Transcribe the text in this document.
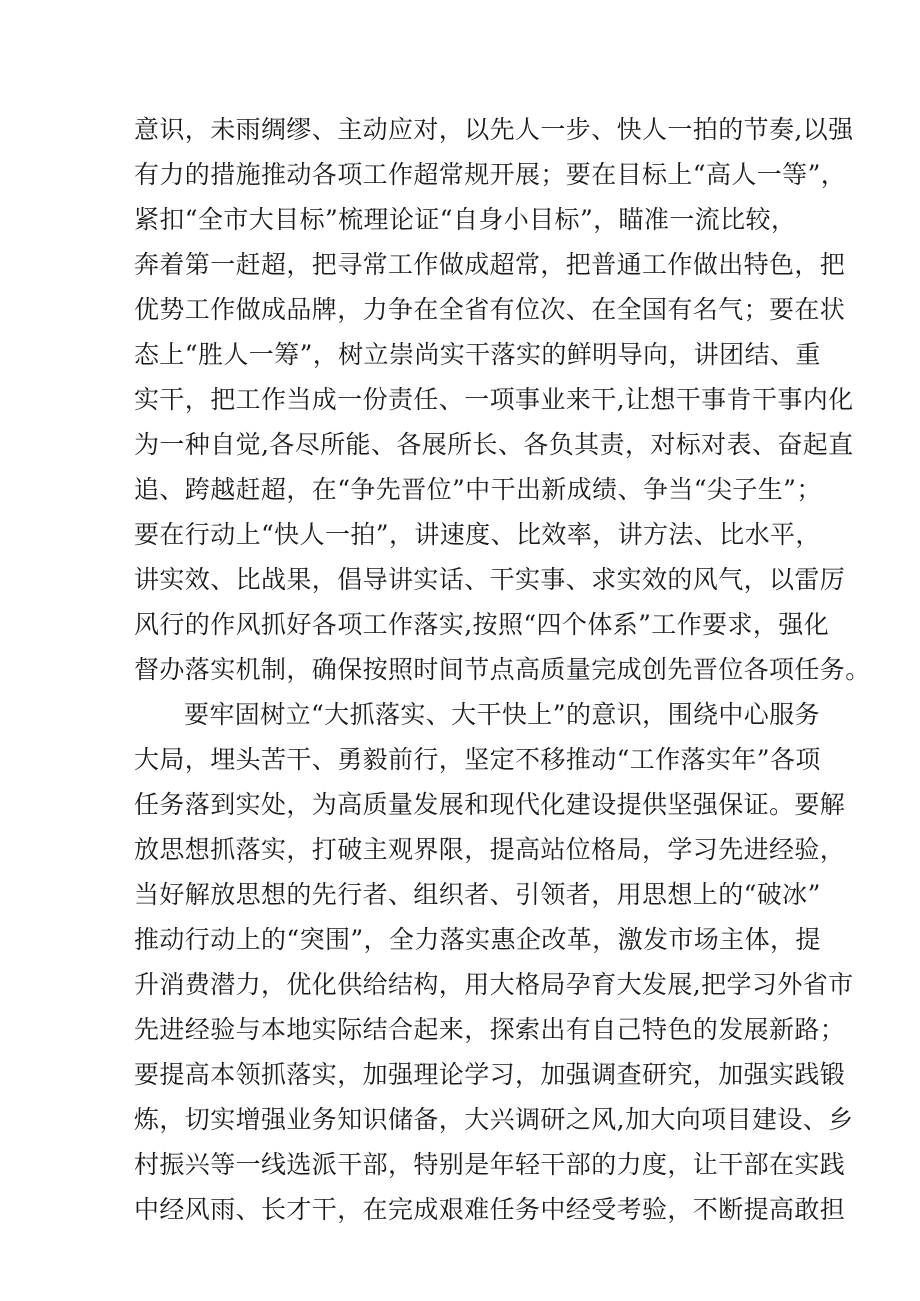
意识，未雨绸缪、主动应对，以先人一步、快人一拍的节奏,以强
有力的措施推动各项工作超常规开展；要在目标上“高人一等”，
紧扣“全市大目标”梳理论证“自身小目标”，瞄准一流比较，
奔着第一赶超，把寻常工作做成超常，把普通工作做出特色，把
优势工作做成品牌，力争在全省有位次、在全国有名气；要在状
态上“胜人一筹”，树立崇尚实干落实的鲜明导向，讲团结、重
实干，把工作当成一份责任、一项事业来干,让想干事肯干事内化
为一种自觉,各尽所能、各展所长、各负其责，对标对表、奋起直
追、跨越赶超，在“争先晋位”中干出新成绩、争当“尖子生”；
要在行动上“快人一拍”，讲速度、比效率，讲方法、比水平，
讲实效、比战果，倡导讲实话、干实事、求实效的风气，以雷厉
风行的作风抓好各项工作落实,按照“四个体系”工作要求，强化
督办落实机制，确保按照时间节点高质量完成创先晋位各项任务。
要牢固树立“大抓落实、大干快上”的意识，围绕中心服务
大局，埋头苦干、勇毅前行，坚定不移推动“工作落实年”各项
任务落到实处，为高质量发展和现代化建设提供坚强保证。要解
放思想抓落实，打破主观界限，提高站位格局，学习先进经验，
当好解放思想的先行者、组织者、引领者，用思想上的“破冰”
推动行动上的“突围”，全力落实惠企改革，激发市场主体，提
升消费潜力，优化供给结构，用大格局孕育大发展,把学习外省市
先进经验与本地实际结合起来，探索出有自己特色的发展新路；
要提高本领抓落实，加强理论学习，加强调查研究，加强实践锻
炼，切实增强业务知识储备，大兴调研之风,加大向项目建设、乡
村振兴等一线选派干部，特别是年轻干部的力度，让干部在实践
中经风雨、长才干，在完成艰难任务中经受考验，不断提高敢担
